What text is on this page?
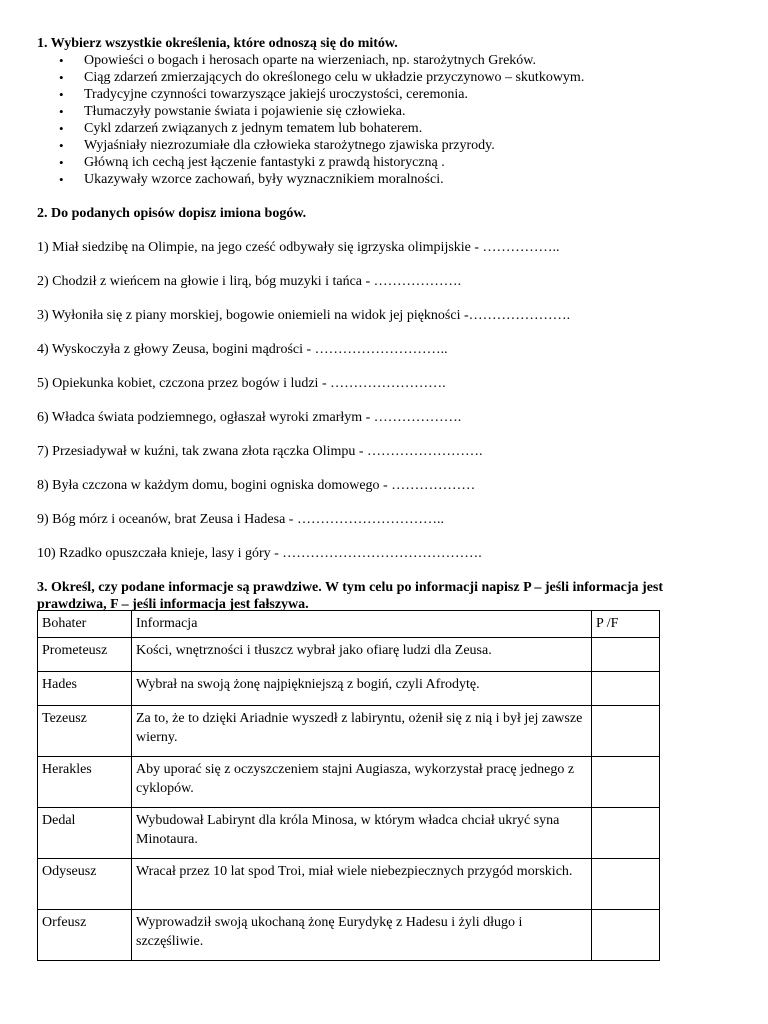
1. Wybierz wszystkie określenia, które odnoszą się do mitów.
• Opowieści o bogach i herosach oparte na wierzeniach, np. starożytnych Greków.
• Ciąg zdarzeń zmierzających do określonego celu w układzie przyczynowo – skutkowym.
• Tradycyjne czynności towarzyszące jakiejś uroczystości, ceremonia.
• Tłumaczyły powstanie świata i pojawienie się człowieka.
• Cykl zdarzeń związanych z jednym tematem lub bohaterem.
• Wyjaśniały niezrozumiałe dla człowieka starożytnego zjawiska przyrody.
• Główną ich cechą jest łączenie fantastyki z prawdą historyczną .
• Ukazywały wzorce zachowań, były wyznacznikiem moralności.
2. Do podanych opisów dopisz imiona bogów.
1) Miał siedzibę na Olimpie, na jego cześć odbywały się igrzyska olimpijskie - ……………..
2) Chodził z wieńcem na głowie i lirą, bóg muzyki i tańca - ……………….
3) Wyłoniła się z piany morskiej, bogowie oniemieli na widok jej piękności -………………….
4) Wyskoczyła z głowy Zeusa, bogini mądrości - ………………………..
5) Opiekunka kobiet, czczona przez bogów i ludzi - …………………….
6) Władca świata podziemnego, ogłaszał wyroki zmarłym - ……………….
7) Przesiadywał w kuźni, tak zwana złota rączka Olimpu - …………………….
8) Była czczona w każdym domu, bogini ogniska domowego - ………………
9) Bóg mórz i oceanów, brat Zeusa i Hadesa - …………………………..
10) Rzadko opuszczała knieje, lasy i góry - …………………………………….
3. Określ, czy podane informacje są prawdziwe. W tym celu po informacji napisz P – jeśli informacja jest
prawdziwa, F – jeśli informacja jest fałszywa.
Bohater	Informacja	P /F
Prometeusz	Kości, wnętrzności i tłuszcz wybrał jako ofiarę ludzi dla Zeusa.	
Hades	Wybrał na swoją żonę najpiękniejszą z bogiń, czyli Afrodytę.	
Tezeusz	Za to, że to dzięki Ariadnie wyszedł z labiryntu, ożenił się z nią i był jej zawsze wierny.	
Herakles	Aby uporać się z oczyszczeniem stajni Augiasza, wykorzystał pracę jednego z cyklopów.	
Dedal	Wybudował Labirynt dla króla Minosa, w którym władca chciał ukryć syna Minotaura.	
Odyseusz	Wracał przez 10 lat spod Troi, miał wiele niebezpiecznych przygód morskich.	
Orfeusz	Wyprowadził swoją ukochaną żonę Eurydykę z Hadesu i żyli długo i szczęśliwie.	
